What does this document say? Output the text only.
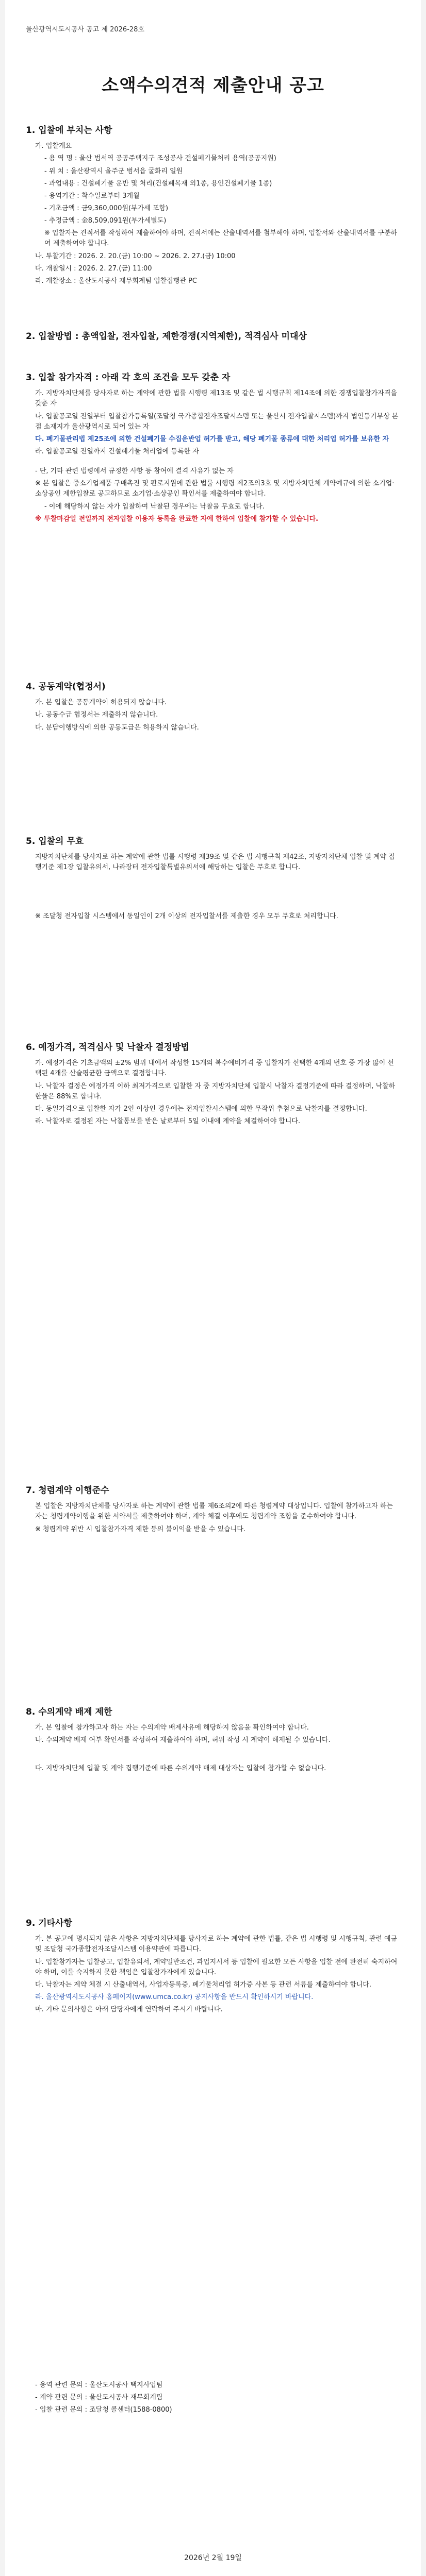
울산광역시도시공사 공고 제 2026-28호
소액수의견적 제출안내 공고
1. 입찰에 부치는 사항
가. 입찰개요
- 용 역 명 : 울산 범서역 공공주택지구 조성공사 건설폐기물처리 용역(공공지원)
- 위 치 : 울산광역시 울주군 범서읍 굴화리 일원
- 과업내용 : 건설폐기물 운반 및 처리(건설폐목재 외1종, 용인건설폐기물 1종)
- 용역기간 : 착수일로부터 3개월
- 기초금액 : 금9,360,000원(부가세 포함)
- 추정금액 : 金8,509,091원(부가세별도)
※ 입찰자는 견적서를 작성하여 제출하여야 하며, 견적서에는 산출내역서를 첨부해야 하며, 입찰서와 산출내역서를 구분하여 제출하여야 합니다.
나. 투찰기간 : 2026. 2. 20.(금) 10:00 ~ 2026. 2. 27.(금) 10:00
다. 개찰일시 : 2026. 2. 27.(금) 11:00
라. 개찰장소 : 울산도시공사 재무회계팀 입찰집행관 PC
2. 입찰방법 : 총액입찰, 전자입찰, 제한경쟁(지역제한), 적격심사 미대상
3. 입찰 참가자격 : 아래 각 호의 조건을 모두 갖춘 자
가. 지방자치단체를 당사자로 하는 계약에 관한 법률 시행령 제13조 및 같은 법 시행규칙 제14조에 의한 경쟁입찰참가자격을 갖춘 자
나. 입찰공고일 전일부터 입찰참가등록일(조달청 국가종합전자조달시스템 또는 울산시 전자입찰시스템)까지 법인등기부상 본점 소재지가 울산광역시로 되어 있는 자
다. 폐기물관리법 제25조에 의한 건설폐기물 수집운반업 허가를 받고, 해당 폐기물 종류에 대한 처리업 허가를 보유한 자
라. 입찰공고일 전일까지 건설폐기물 처리업에 등록한 자
- 단, 기타 관련 법령에서 규정한 사항 등 참여에 결격 사유가 없는 자
※ 본 입찰은 중소기업제품 구매촉진 및 판로지원에 관한 법률 시행령 제2조의3호 및 지방자치단체 계약예규에 의한 소기업·소상공인 제한입찰로 공고하므로 소기업·소상공인 확인서를 제출하여야 합니다.
- 이에 해당하지 않는 자가 입찰하여 낙찰된 경우에는 낙찰을 무효로 합니다.
※ 투찰마감일 전일까지 전자입찰 이용자 등록을 완료한 자에 한하여 입찰에 참가할 수 있습니다.
4. 공동계약(협정서)
가. 본 입찰은 공동계약이 허용되지 않습니다.
나. 공동수급 협정서는 제출하지 않습니다.
다. 분담이행방식에 의한 공동도급은 허용하지 않습니다.
5. 입찰의 무효
지방자치단체를 당사자로 하는 계약에 관한 법률 시행령 제39조 및 같은 법 시행규칙 제42조, 지방자치단체 입찰 및 계약 집행기준 제1장 입찰유의서, 나라장터 전자입찰특별유의서에 해당하는 입찰은 무효로 합니다.
※ 조달청 전자입찰 시스템에서 동일인이 2개 이상의 전자입찰서를 제출한 경우 모두 무효로 처리합니다.
6. 예정가격, 적격심사 및 낙찰자 결정방법
가. 예정가격은 기초금액의 ±2% 범위 내에서 작성한 15개의 복수예비가격 중 입찰자가 선택한 4개의 번호 중 가장 많이 선택된 4개를 산술평균한 금액으로 결정합니다.
나. 낙찰자 결정은 예정가격 이하 최저가격으로 입찰한 자 중 지방자치단체 입찰시 낙찰자 결정기준에 따라 결정하며, 낙찰하한율은 88%로 합니다.
다. 동일가격으로 입찰한 자가 2인 이상인 경우에는 전자입찰시스템에 의한 무작위 추첨으로 낙찰자를 결정합니다.
라. 낙찰자로 결정된 자는 낙찰통보를 받은 날로부터 5일 이내에 계약을 체결하여야 합니다.
7. 청렴계약 이행준수
본 입찰은 지방자치단체를 당사자로 하는 계약에 관한 법률 제6조의2에 따른 청렴계약 대상입니다. 입찰에 참가하고자 하는 자는 청렴계약이행을 위한 서약서를 제출하여야 하며, 계약 체결 이후에도 청렴계약 조항을 준수하여야 합니다.
※ 청렴계약 위반 시 입찰참가자격 제한 등의 불이익을 받을 수 있습니다.
8. 수의계약 배제 제한
가. 본 입찰에 참가하고자 하는 자는 수의계약 배제사유에 해당하지 않음을 확인하여야 합니다.
나. 수의계약 배제 여부 확인서를 작성하여 제출하여야 하며, 허위 작성 시 계약이 해제될 수 있습니다.
다. 지방자치단체 입찰 및 계약 집행기준에 따른 수의계약 배제 대상자는 입찰에 참가할 수 없습니다.
9. 기타사항
가. 본 공고에 명시되지 않은 사항은 지방자치단체를 당사자로 하는 계약에 관한 법률, 같은 법 시행령 및 시행규칙, 관련 예규 및 조달청 국가종합전자조달시스템 이용약관에 따릅니다.
나. 입찰참가자는 입찰공고, 입찰유의서, 계약일반조건, 과업지시서 등 입찰에 필요한 모든 사항을 입찰 전에 완전히 숙지하여야 하며, 이를 숙지하지 못한 책임은 입찰참가자에게 있습니다.
다. 낙찰자는 계약 체결 시 산출내역서, 사업자등록증, 폐기물처리업 허가증 사본 등 관련 서류를 제출하여야 합니다.
라. 울산광역시도시공사 홈페이지(www.umca.co.kr) 공지사항을 반드시 확인하시기 바랍니다.
마. 기타 문의사항은 아래 담당자에게 연락하여 주시기 바랍니다.
- 용역 관련 문의 : 울산도시공사 택지사업팀
- 계약 관련 문의 : 울산도시공사 재무회계팀
- 입찰 관련 문의 : 조달청 콜센터(1588-0800)
2026년 2월 19일
